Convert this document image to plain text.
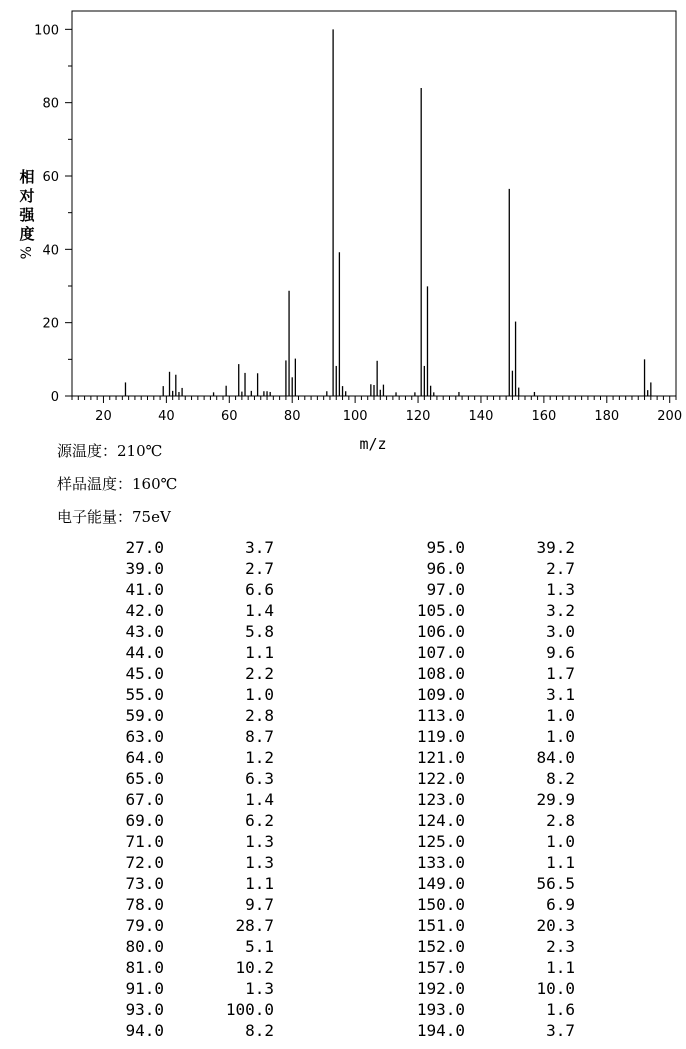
20	40	60	80	100	120	140	160	180	200
0
20
40
60
80
100
m/z
相
对
强
度
%
源温度：210℃
样品温度：160℃
电子能量：75eV
27.0	3.7	95.0	39.2
39.0	2.7	96.0	2.7
41.0	6.6	97.0	1.3
42.0	1.4	105.0	3.2
43.0	5.8	106.0	3.0
44.0	1.1	107.0	9.6
45.0	2.2	108.0	1.7
55.0	1.0	109.0	3.1
59.0	2.8	113.0	1.0
63.0	8.7	119.0	1.0
64.0	1.2	121.0	84.0
65.0	6.3	122.0	8.2
67.0	1.4	123.0	29.9
69.0	6.2	124.0	2.8
71.0	1.3	125.0	1.0
72.0	1.3	133.0	1.1
73.0	1.1	149.0	56.5
78.0	9.7	150.0	6.9
79.0	28.7	151.0	20.3
80.0	5.1	152.0	2.3
81.0	10.2	157.0	1.1
91.0	1.3	192.0	10.0
93.0	100.0	193.0	1.6
94.0	8.2	194.0	3.7
